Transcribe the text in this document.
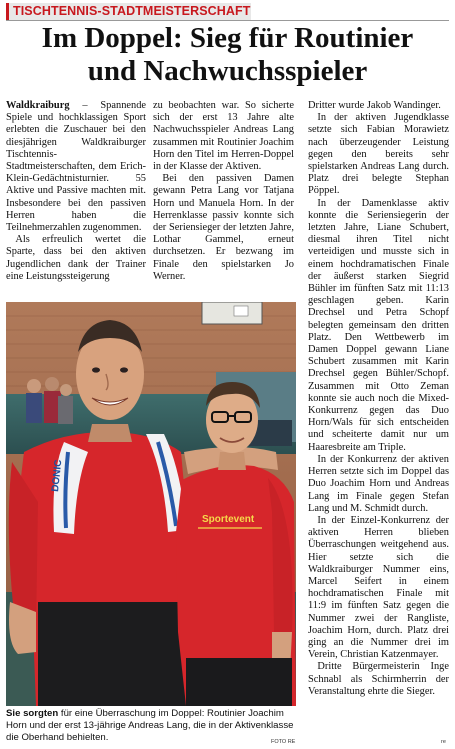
TISCHTENNIS-STADTMEISTERSCHAFT
Im Doppel: Sieg für Routinier
und Nachwuchsspieler

Waldkraiburg – Spannende Spiele und hochklassigen Sport erlebten die Zuschauer bei den diesjährigen Waldkraiburger Tischtennis-Stadtmeisterschaften, dem Erich-Klein-Gedächtnisturnier. 55 Aktive und Passive machten mit. Insbesondere bei den passiven Herren haben die Teilnehmerzahlen zugenommen.

Als erfreulich wertet die Sparte, dass bei den aktiven Jugendlichen dank der Trainer eine Leistungssteigerung

zu beobachten war. So sicherte sich der erst 13 Jahre alte Nachwuchsspieler Andreas Lang zusammen mit Routinier Joachim Horn den Titel im Herren-Doppel in der Klasse der Aktiven.

Bei den passiven Damen gewann Petra Lang vor Tatjana Horn und Manuela Horn. In der Herrenklasse passiv konnte sich der Seriensieger der letzten Jahre, Lothar Gammel, erneut durchsetzen. Er bezwang im Finale den spielstarken Jo Werner.

Dritter wurde Jakob Wandinger.

In der aktiven Jugendklasse setzte sich Fabian Morawietz nach überzeugender Leistung gegen den bereits sehr spielstarken Andreas Lang durch. Platz drei belegte Stephan Pöppel.

In der Damenklasse aktiv konnte die Seriensiegerin der letzten Jahre, Liane Schubert, diesmal ihren Titel nicht verteidigen und musste sich in einem hochdramatischen Finale der äußerst starken Siegrid Bühler im fünften Satz mit 11:13 geschlagen geben. Karin Drechsel und Petra Schopf belegten gemeinsam den dritten Platz. Den Wettbewerb im Damen Doppel gewann Liane Schubert zusammen mit Karin Drechsel gegen Bühler/Schopf. Zusammen mit Otto Zeman konnte sie auch noch die Mixed-Konkurrenz gegen das Duo Horn/Wals für sich entscheiden und scheiterte damit nur um Haaresbreite am Triple.

In der Konkurrenz der aktiven Herren setzte sich im Doppel das Duo Joachim Horn und Andreas Lang im Finale gegen Stefan Lang und M. Schmidt durch.

In der Einzel-Konkurrenz der aktiven Herren blieben Überraschungen weitgehend aus. Hier setzte sich die Waldkraiburger Nummer eins, Marcel Seifert in einem hochdramatischen Finale mit 11:9 im fünften Satz gegen die Nummer zwei der Rangliste, Joachim Horn, durch. Platz drei ging an die Nummer drei im Verein, Christian Katzenmayer.

Dritte Bürgermeisterin Inge Schnabl als Schirmherrin der Veranstaltung ehrte die Sieger.

DONIC
Sportevent
Sie sorgten für eine Überraschung im Doppel: Routinier Joachim Horn und der erst 13-jährige Andreas Lang, die in der Aktivenklasse die Oberhand behielten.	FOTO RE	re
